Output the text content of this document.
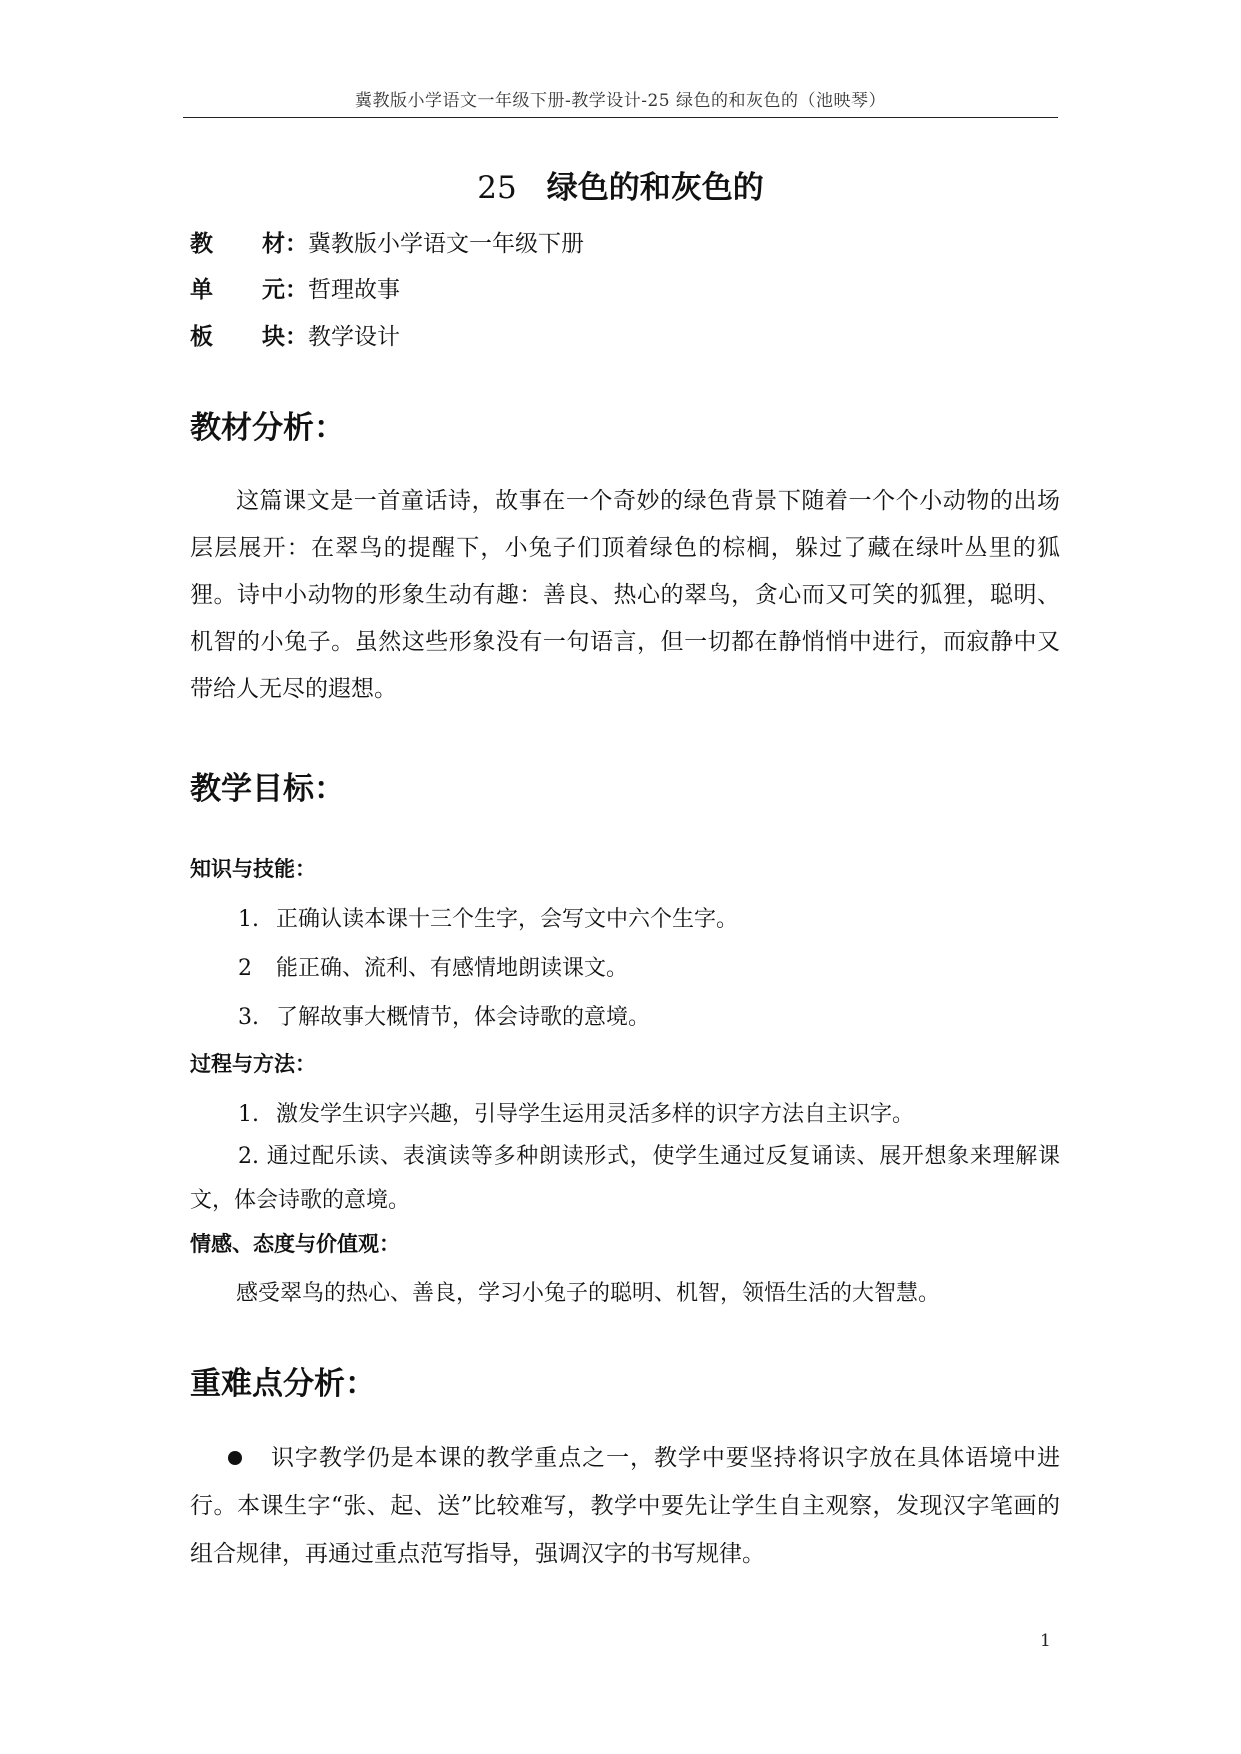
冀教版小学语文一年级下册-教学设计-25 绿色的和灰色的（池映琴）
25 绿色的和灰色的
教 材：冀教版小学语文一年级下册
单 元：哲理故事
板 块：教学设计
教材分析：
这篇课文是一首童话诗，故事在一个奇妙的绿色背景下随着一个个小动物的出场层层展开：在翠鸟的提醒下，小兔子们顶着绿色的棕榈，躲过了藏在绿叶丛里的狐狸。诗中小动物的形象生动有趣：善良、热心的翠鸟，贪心而又可笑的狐狸，聪明、机智的小兔子。虽然这些形象没有一句语言，但一切都在静悄悄中进行，而寂静中又带给人无尽的遐想。
教学目标：
知识与技能：
1. 正确认读本课十三个生字，会写文中六个生字。
2 能正确、流利、有感情地朗读课文。
3. 了解故事大概情节，体会诗歌的意境。
过程与方法：
1. 激发学生识字兴趣，引导学生运用灵活多样的识字方法自主识字。
2. 通过配乐读、表演读等多种朗读形式，使学生通过反复诵读、展开想象来理解课文，体会诗歌的意境。
情感、态度与价值观：
感受翠鸟的热心、善良，学习小兔子的聪明、机智，领悟生活的大智慧。
重难点分析：
识字教学仍是本课的教学重点之一，教学中要坚持将识字放在具体语境中进行。本课生字“张、起、送”比较难写，教学中要先让学生自主观察，发现汉字笔画的组合规律，再通过重点范写指导，强调汉字的书写规律。
1
